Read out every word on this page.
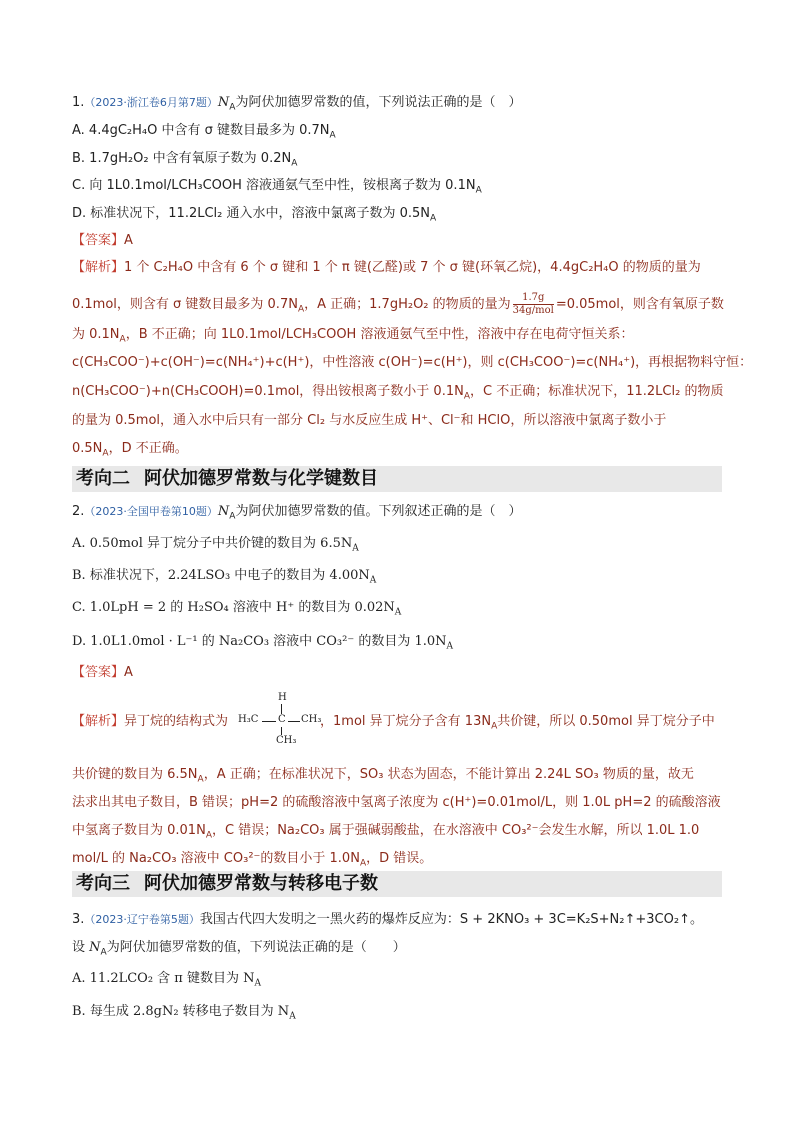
1.（2023·浙江卷6月第7题）$N_A$为阿伏加德罗常数的值，下列说法正确的是（　）
A. 4.4gC₂H₄O 中含有 σ 键数目最多为 $0.7N_A$
B. 1.7gH₂O₂ 中含有氧原子数为 $0.2N_A$
C. 向 1L0.1mol/LCH₃COOH 溶液通氨气至中性，铵根离子数为 $0.1N_A$
D. 标准状况下，11.2LCl₂ 通入水中，溶液中氯离子数为 $0.5N_A$
【答案】A
【解析】1 个 C₂H₄O 中含有 6 个 σ 键和 1 个 π 键(乙醛)或 7 个 σ 键(环氧乙烷)，4.4gC₂H₄O 的物质的量为
0.1mol，则含有 σ 键数目最多为 $0.7N_A$，A 正确；1.7gH₂O₂ 的物质的量为 $\frac{1.7g}{\text{34g/mol}} =0.05mol$，则含有氧原子数
为 $0.1N_A$，B 不正确；向 1L0.1mol/LCH₃COOH 溶液通氨气至中性，溶液中存在电荷守恒关系：
c(CH₃COO⁻)+c(OH⁻)=c(NH₄⁺)+c(H⁺)，中性溶液 c(OH⁻)=c(H⁺)，则 c(CH₃COO⁻)=c(NH₄⁺)，再根据物料守恒：
n(CH₃COO⁻)+n(CH₃COOH)=0.1mol，得出铵根离子数小于 $0.1N_A$，C 不正确；标准状况下，11.2LCl₂ 的物质
的量为 0.5mol，通入水中后只有一部分 Cl₂ 与水反应生成 H⁺、Cl⁻和 HClO，所以溶液中氯离子数小于
$0.5N_A$，D 不正确。
考向二 阿伏加德罗常数与化学键数目
2.（2023·全国甲卷第10题）$N_A$为阿伏加德罗常数的值。下列叙述正确的是（　）
A. 0.50mol 异丁烷分子中共价键的数目为 $6.5N_A$
B. 标准状况下，2.24LSO₃ 中电子的数目为 $4.00N_A$
C. 1.0LpH = 2 的 H₂SO₄ 溶液中 H⁺ 的数目为 $0.02N_A$
D. 1.0L1.0mol · L⁻¹ 的 Na₂CO₃ 溶液中 CO₃²⁻ 的数目为 $1.0N_A$
【答案】A
【解析】异丁烷的结构式为	，1mol 异丁烷分子含有 $13N_A$共价键，所以 0.50mol 异丁烷分子中
H
H₃C C CH₃
CH₃
共价键的数目为 $6.5N_A$，A 正确；在标准状况下，SO₃ 状态为固态，不能计算出 2.24L SO₃ 物质的量，故无
法求出其电子数目，B 错误；pH=2 的硫酸溶液中氢离子浓度为 c(H⁺)=0.01mol/L，则 1.0L pH=2 的硫酸溶液
中氢离子数目为 $0.01N_A$，C 错误；Na₂CO₃ 属于强碱弱酸盐，在水溶液中 CO₃²⁻会发生水解，所以 1.0L 1.0
mol/L 的 Na₂CO₃ 溶液中 CO₃²⁻的数目小于 $1.0N_A$，D 错误。
考向三 阿伏加德罗常数与转移电子数
3.（2023·辽宁卷第5题）我国古代四大发明之一黑火药的爆炸反应为：S + 2KNO₃ + 3C=K₂S+N₂↑+3CO₂↑。
设 $N_A$为阿伏加德罗常数的值，下列说法正确的是（　　）
A. 11.2LCO₂ 含 π 键数目为 $N_A$
B. 每生成 2.8gN₂ 转移电子数目为 $N_A$
